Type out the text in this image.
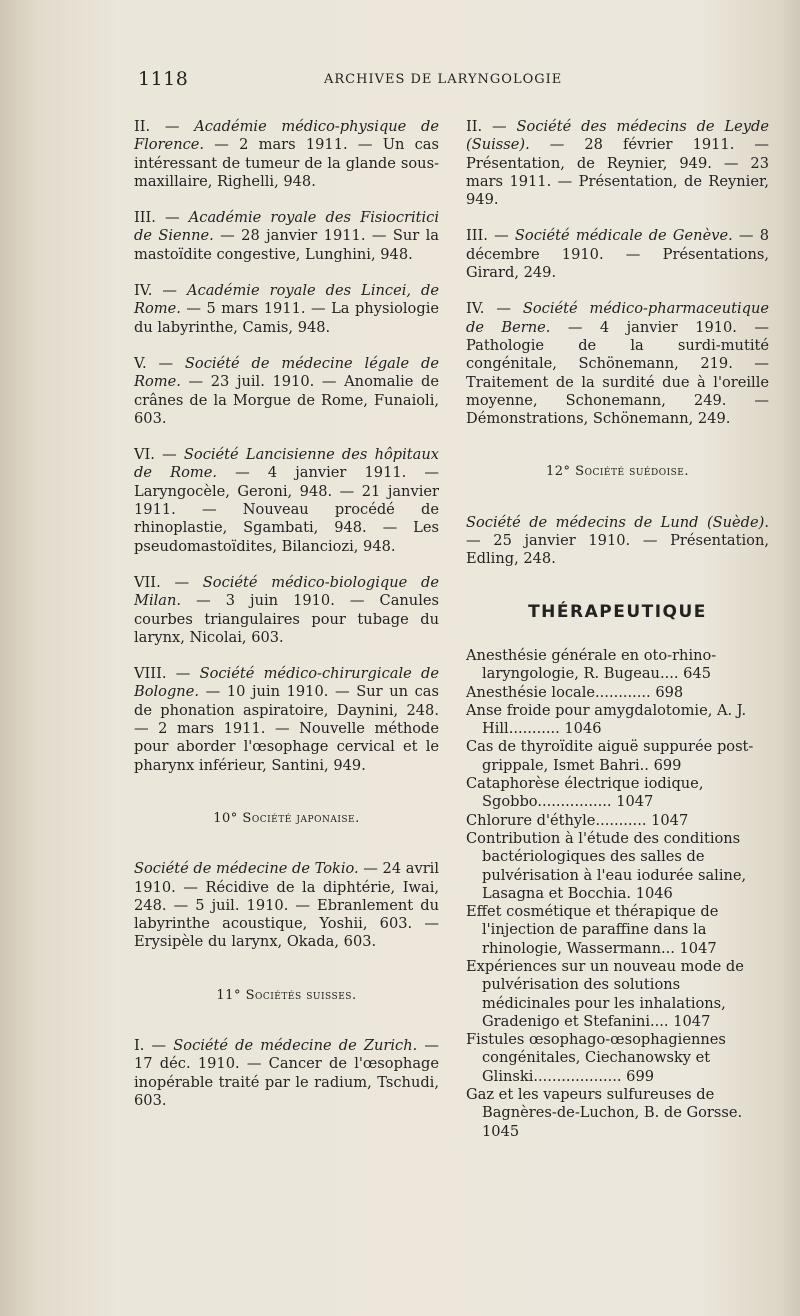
1118	ARCHIVES DE LARYNGOLOGIE
II. — Académie médico-physique de Florence. — 2 mars 1911. — Un cas intéressant de tumeur de la glande sous-maxillaire, Righelli, 948.
III. — Académie royale des Fisiocritici de Sienne. — 28 janvier 1911. — Sur la mastoïdite congestive, Lunghini, 948.
IV. — Académie royale des Lincei, de Rome. — 5 mars 1911. — La physiologie du labyrinthe, Camis, 948.
V. — Société de médecine légale de Rome. — 23 juil. 1910. — Anomalie de crânes de la Morgue de Rome, Funaioli, 603.
VI. — Société Lancisienne des hôpitaux de Rome. — 4 janvier 1911. — Laryngocèle, Geroni, 948. — 21 janvier 1911. — Nouveau procédé de rhinoplastie, Sgambati, 948. — Les pseudomastoïdites, Bilanciozi, 948.
VII. — Société médico-biologique de Milan. — 3 juin 1910. — Canules courbes triangulaires pour tubage du larynx, Nicolai, 603.
VIII. — Société médico-chirurgicale de Bologne. — 10 juin 1910. — Sur un cas de phonation aspiratoire, Daynini, 248. — 2 mars 1911. — Nouvelle méthode pour aborder l'œsophage cervical et le pharynx inférieur, Santini, 949.
10° Société japonaise.
Société de médecine de Tokio. — 24 avril 1910. — Récidive de la diphtérie, Iwai, 248. — 5 juil. 1910. — Ebranlement du labyrinthe acoustique, Yoshii, 603. — Erysipèle du larynx, Okada, 603.
11° Sociétés suisses.
I. — Société de médecine de Zurich. — 17 déc. 1910. — Cancer de l'œsophage inopérable traité par le radium, Tschudi, 603.
II. — Société des médecins de Leyde (Suisse). — 28 février 1911. — Présentation, de Reynier, 949. — 23 mars 1911. — Présentation, de Reynier, 949.
III. — Société médicale de Genève. — 8 décembre 1910. — Présentations, Girard, 249.
IV. — Société médico-pharmaceutique de Berne. — 4 janvier 1910. — Pathologie de la surdi-mutité congénitale, Schönemann, 219. — Traitement de la surdité due à l'oreille moyenne, Schonemann, 249. — Démonstrations, Schönemann, 249.
12° Société suédoise.
Société de médecins de Lund (Suède). — 25 janvier 1910. — Présentation, Edling, 248.
THÉRAPEUTIQUE
Anesthésie générale en oto-rhino-laryngologie, R. Bugeau.... 645
Anesthésie locale............ 698
Anse froide pour amygdalotomie, A. J. Hill........... 1046
Cas de thyroïdite aiguë suppurée post-grippale, Ismet Bahri.. 699
Cataphorèse électrique iodique, Sgobbo................ 1047
Chlorure d'éthyle........... 1047
Contribution à l'étude des conditions bactériologiques des salles de pulvérisation à l'eau iodurée saline, Lasagna et Bocchia. 1046
Effet cosmétique et thérapique de l'injection de paraffine dans la rhinologie, Wassermann... 1047
Expériences sur un nouveau mode de pulvérisation des solutions médicinales pour les inhalations, Gradenigo et Stefanini.... 1047
Fistules œsophago-œsophagiennes congénitales, Ciechanowsky et Glinski................... 699
Gaz et les vapeurs sulfureuses de Bagnères-de-Luchon, B. de Gorsse. 1045
